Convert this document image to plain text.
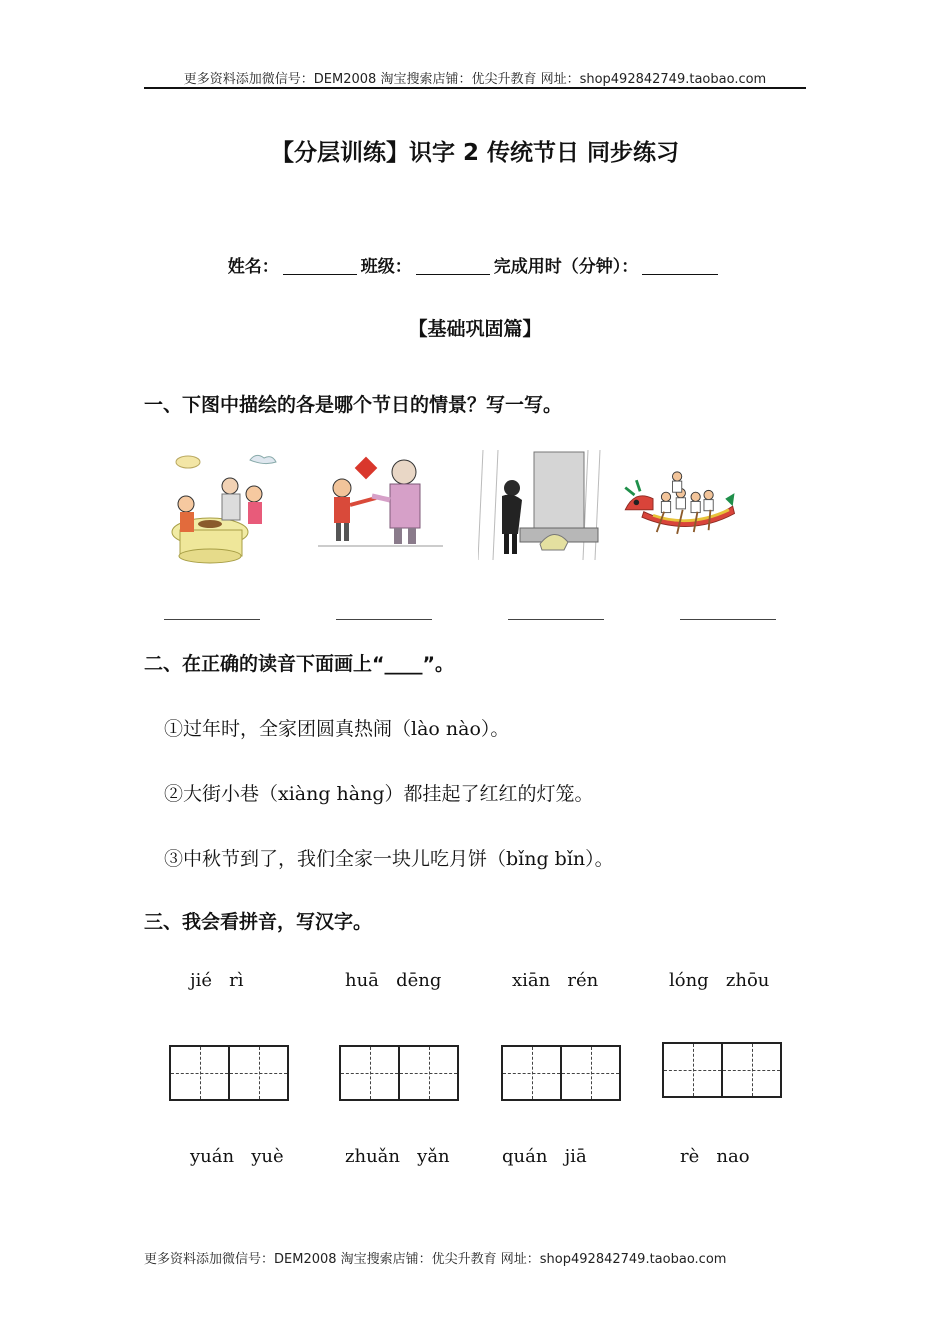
更多资料添加微信号：DEM2008 淘宝搜索店铺：优尖升教育 网址：shop492842749.taobao.com
【分层训练】识字 2 传统节日 同步练习
姓名：	班级：	完成用时（分钟）：
【基础巩固篇】
一、下图中描绘的各是哪个节日的情景？写一写。
二、在正确的读音下面画上“____”。
①过年时，全家团圆真热闹（lào nào）。
②大街小巷（xiàng hàng）都挂起了红红的灯笼。
③中秋节到了，我们全家一块儿吃月饼（bǐng bǐn）。
三、我会看拼音，写汉字。
jié   rì	huā   dēng	xiān   rén	lóng   zhōu
yuán   yuè	zhuǎn   yǎn	quán   jiā	rè   nao
更多资料添加微信号：DEM2008 淘宝搜索店铺：优尖升教育 网址：shop492842749.taobao.com
